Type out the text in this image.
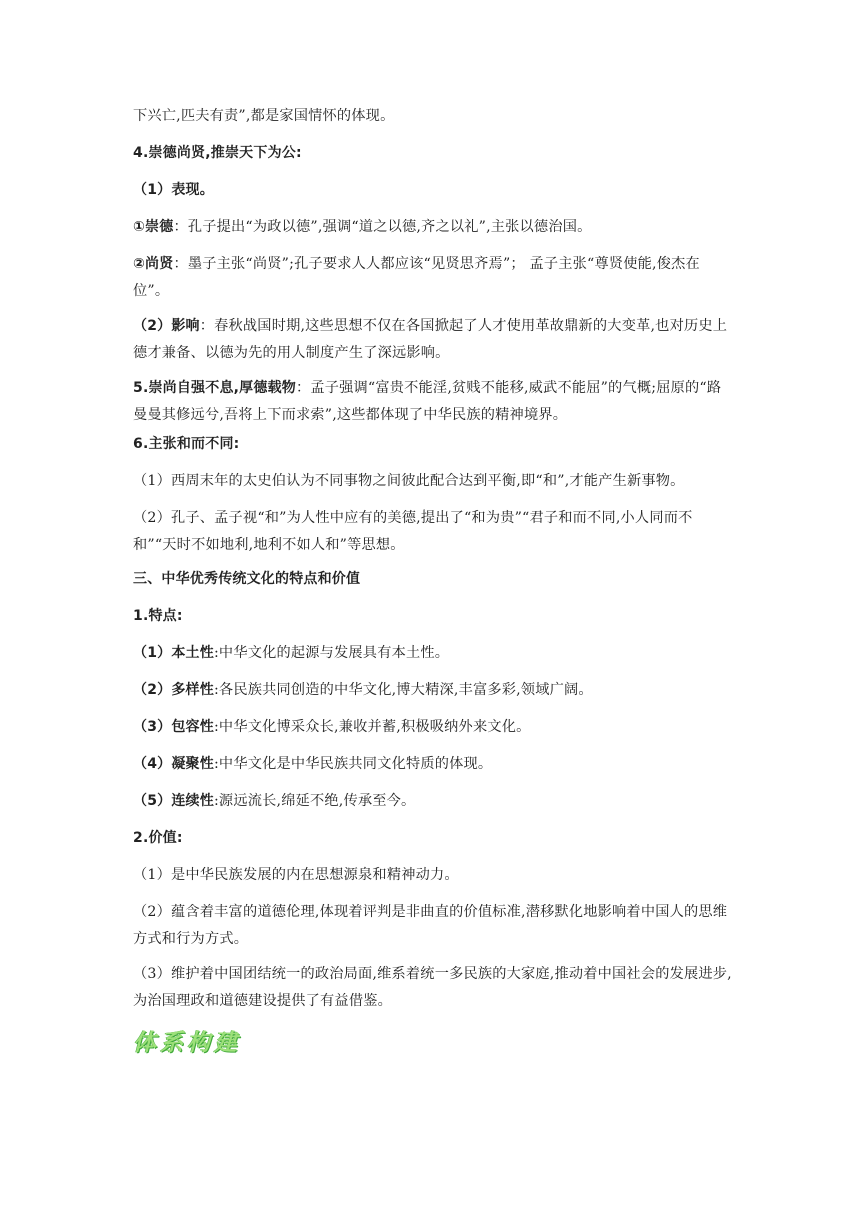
下兴亡,匹夫有责”,都是家国情怀的体现。

4.崇德尚贤,推崇天下为公:

（1）表现。

①崇德：孔子提出“为政以德”,强调“道之以德,齐之以礼”,主张以德治国。

②尚贤：墨子主张“尚贤”;孔子要求人人都应该“见贤思齐焉”； 孟子主张“尊贤使能,俊杰在位”。

（2）影响：春秋战国时期,这些思想不仅在各国掀起了人才使用革故鼎新的大变革,也对历史上德才兼备、以德为先的用人制度产生了深远影响。

5.崇尚自强不息,厚德载物：孟子强调“富贵不能淫,贫贱不能移,威武不能屈”的气概;屈原的“路曼曼其修远兮,吾将上下而求索”,这些都体现了中华民族的精神境界。

6.主张和而不同:

（1）西周末年的太史伯认为不同事物之间彼此配合达到平衡,即“和”,才能产生新事物。

（2）孔子、孟子视“和”为人性中应有的美德,提出了“和为贵”“君子和而不同,小人同而不和”“天时不如地利,地利不如人和”等思想。

三、中华优秀传统文化的特点和价值

1.特点:

（1）本土性:中华文化的起源与发展具有本土性。

（2）多样性:各民族共同创造的中华文化,博大精深,丰富多彩,领域广阔。

（3）包容性:中华文化博采众长,兼收并蓄,积极吸纳外来文化。

（4）凝聚性:中华文化是中华民族共同文化特质的体现。

（5）连续性:源远流长,绵延不绝,传承至今。

2.价值:

（1）是中华民族发展的内在思想源泉和精神动力。

（2）蕴含着丰富的道德伦理,体现着评判是非曲直的价值标准,潜移默化地影响着中国人的思维方式和行为方式。

（3）维护着中国团结统一的政治局面,维系着统一多民族的大家庭,推动着中国社会的发展进步,为治国理政和道德建设提供了有益借鉴。

体系构建
